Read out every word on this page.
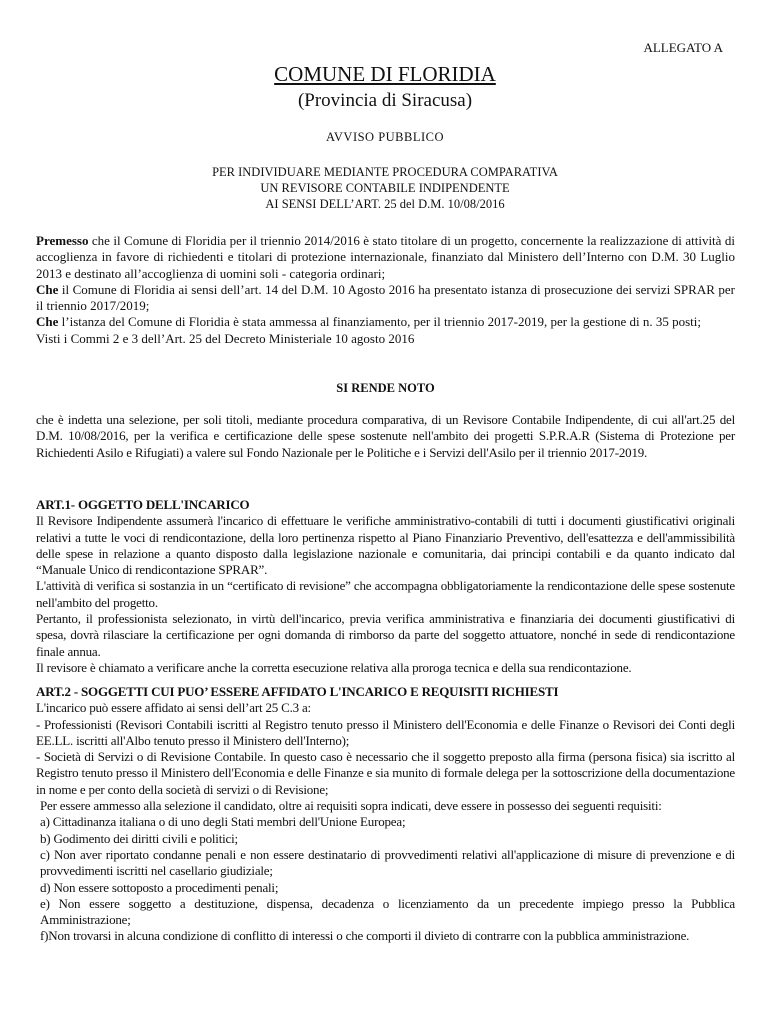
ALLEGATO A
COMUNE DI FLORIDIA
(Provincia di Siracusa)
AVVISO PUBBLICO
PER INDIVIDUARE MEDIANTE PROCEDURA COMPARATIVA
UN REVISORE CONTABILE INDIPENDENTE
AI SENSI DELL’ART. 25 del D.M. 10/08/2016

Premesso che il Comune di Floridia per il triennio 2014/2016 è stato titolare di un progetto, concernente la realizzazione di attività di accoglienza in favore di richiedenti e titolari di protezione internazionale, finanziato dal Ministero dell’Interno con D.M. 30 Luglio 2013 e destinato all’accoglienza di uomini soli - categoria ordinari;

Che il Comune di Floridia ai sensi dell’art. 14 del D.M. 10 Agosto 2016 ha presentato istanza di prosecuzione dei servizi SPRAR per il triennio 2017/2019;

Che l’istanza del Comune di Floridia è stata ammessa al finanziamento, per il triennio 2017-2019, per la gestione di n. 35 posti;

Visti i Commi 2 e 3 dell’Art. 25 del Decreto Ministeriale 10 agosto 2016

SI RENDE NOTO

che è indetta una selezione, per soli titoli, mediante procedura comparativa, di un Revisore Contabile Indipendente, di cui all'art.25 del D.M. 10/08/2016, per la verifica e certificazione delle spese sostenute nell'ambito dei progetti S.P.R.A.R (Sistema di Protezione per Richiedenti Asilo e Rifugiati) a valere sul Fondo Nazionale per le Politiche e i Servizi dell'Asilo per il triennio 2017-2019.

ART.1- OGGETTO DELL'INCARICO

Il Revisore Indipendente assumerà l'incarico di effettuare le verifiche amministrativo-contabili di tutti i documenti giustificativi originali relativi a tutte le voci di rendicontazione, della loro pertinenza rispetto al Piano Finanziario Preventivo, dell'esattezza e dell'ammissibilità delle spese in relazione a quanto disposto dalla legislazione nazionale e comunitaria, dai principi contabili e da quanto indicato dal “Manuale Unico di rendicontazione SPRAR”.

L'attività di verifica si sostanzia in un “certificato di revisione” che accompagna obbligatoriamente la rendicontazione delle spese sostenute nell'ambito del progetto.

Pertanto, il professionista selezionato, in virtù dell'incarico, previa verifica amministrativa e finanziaria dei documenti giustificativi di spesa, dovrà rilasciare la certificazione per ogni domanda di rimborso da parte del soggetto attuatore, nonché in sede di rendicontazione finale annua.

Il revisore è chiamato a verificare anche la corretta esecuzione relativa alla proroga tecnica e della sua rendicontazione.

ART.2 - SOGGETTI CUI PUO’ ESSERE AFFIDATO L'INCARICO E REQUISITI RICHIESTI

L'incarico può essere affidato ai sensi dell’art 25 C.3 a:

- Professionisti (Revisori Contabili iscritti al Registro tenuto presso il Ministero dell'Economia e delle Finanze o Revisori dei Conti degli EE.LL. iscritti all'Albo tenuto presso il Ministero dell'Interno);

- Società di Servizi o di Revisione Contabile. In questo caso è necessario che il soggetto preposto alla firma (persona fisica) sia iscritto al Registro tenuto presso il Ministero dell'Economia e delle Finanze e sia munito di formale delega per la sottoscrizione della documentazione in nome e per conto della società di servizi o di Revisione;

Per essere ammesso alla selezione il candidato, oltre ai requisiti sopra indicati, deve essere in possesso dei seguenti requisiti:

a) Cittadinanza italiana o di uno degli Stati membri dell'Unione Europea;

b) Godimento dei diritti civili e politici;

c) Non aver riportato condanne penali e non essere destinatario di provvedimenti relativi all'applicazione di misure di prevenzione e di provvedimenti iscritti nel casellario giudiziale;

d) Non essere sottoposto a procedimenti penali;

e) Non essere soggetto a destituzione, dispensa, decadenza o licenziamento da un precedente impiego presso la Pubblica Amministrazione;

f)Non trovarsi in alcuna condizione di conflitto di interessi o che comporti il divieto di contrarre con la pubblica amministrazione.
